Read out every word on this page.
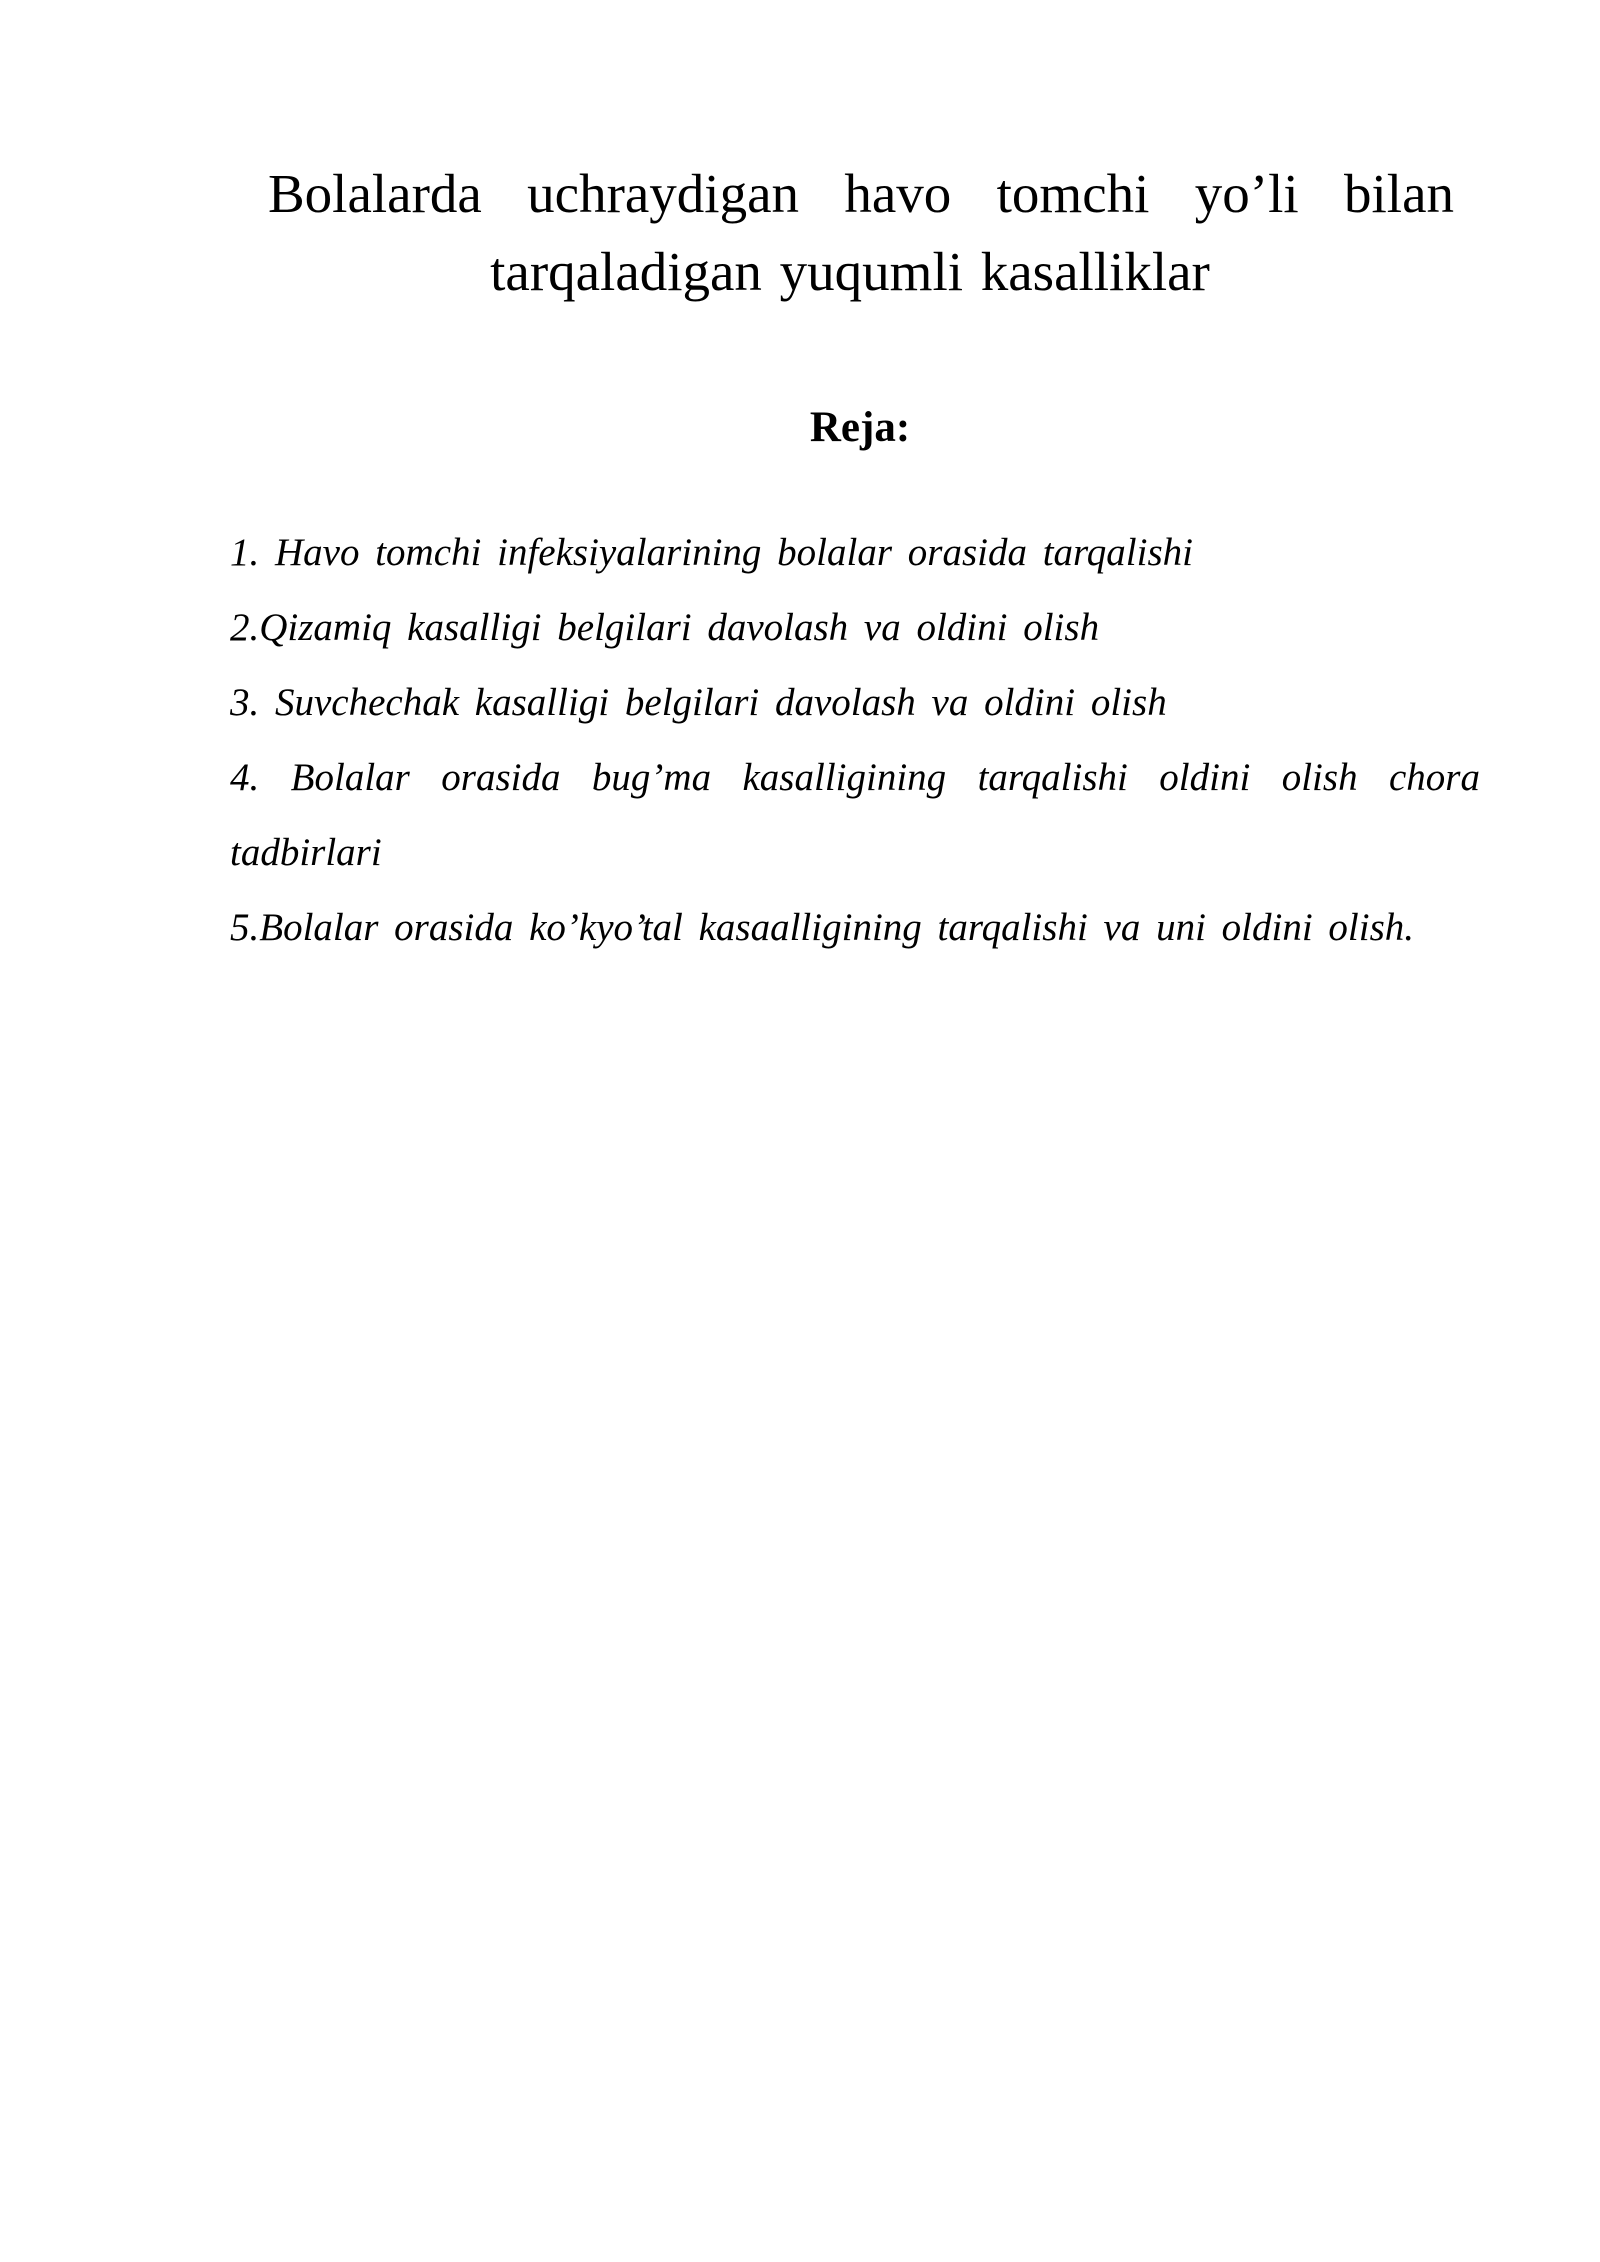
Bolalarda uchraydigan havo tomchi yo’li bilan
tarqaladigan yuqumli kasalliklar
Reja:
1. Havo tomchi infeksiyalarining bolalar orasida tarqalishi
2.Qizamiq kasalligi belgilari davolash va oldini olish
3. Suvchechak kasalligi belgilari davolash va oldini olish
4. Bolalar orasida bug’ma kasalligining tarqalishi oldini olish chora tadbirlari
5.Bolalar orasida ko’kyo’tal kasaalligining tarqalishi va uni oldini olish.
